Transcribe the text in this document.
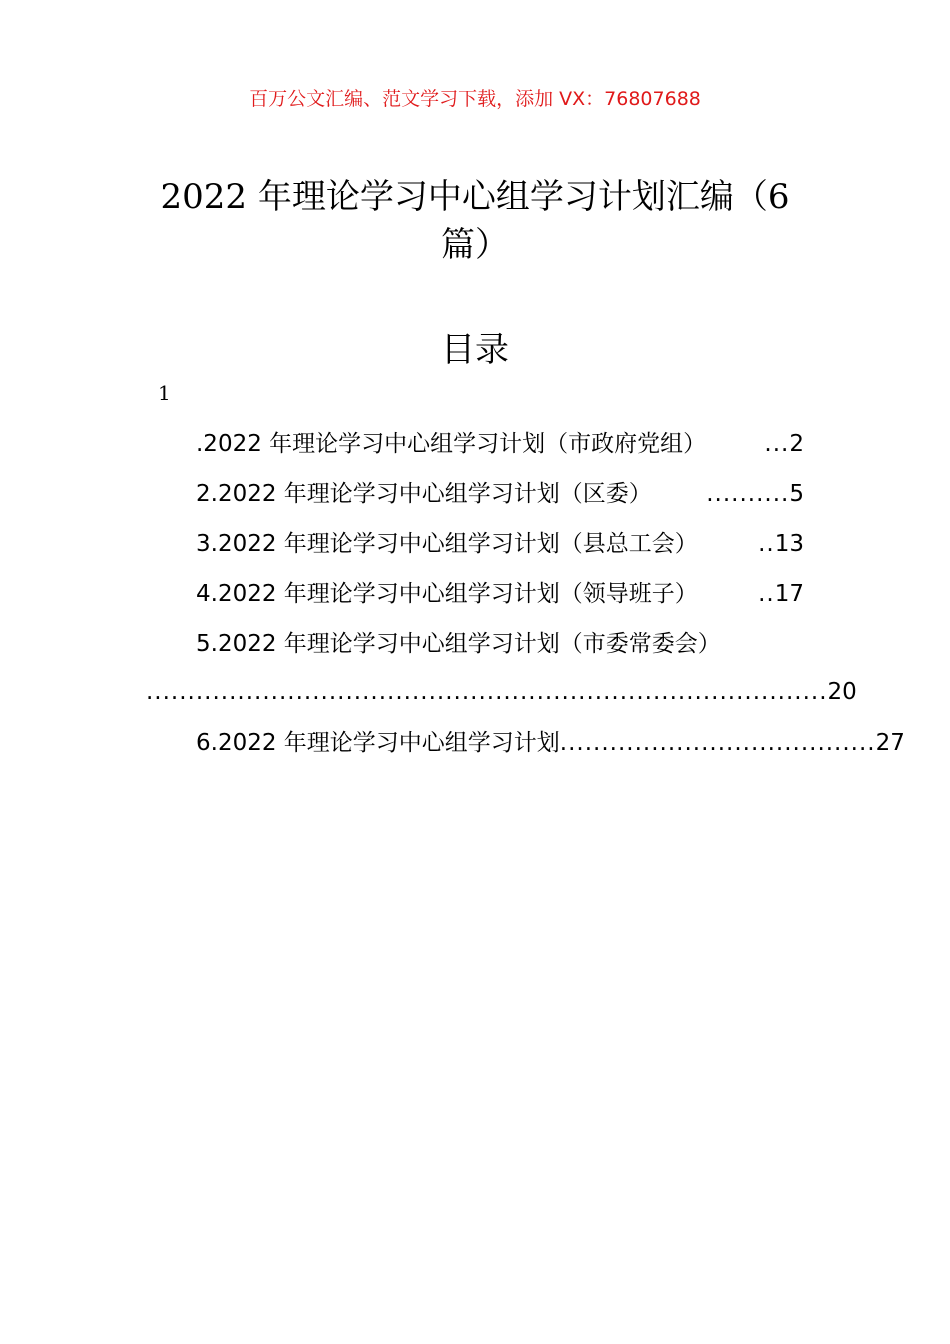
百万公文汇编、范文学习下载，添加 VX：76807688
2022 年理论学习中心组学习计划汇编（6 篇）
目录
1
.2022 年理论学习中心组学习计划（市政府党组）	... 2
2.2022 年理论学习中心组学习计划（区委）	.......... 5
3.2022 年理论学习中心组学习计划（县总工会）	.. 13
4.2022 年理论学习中心组学习计划（领导班子）	.. 17
5.2022 年理论学习中心组学习计划（市委常委会）
.................................................................................. 20
6.2022 年理论学习中心组学习计划 ...................................... 27
